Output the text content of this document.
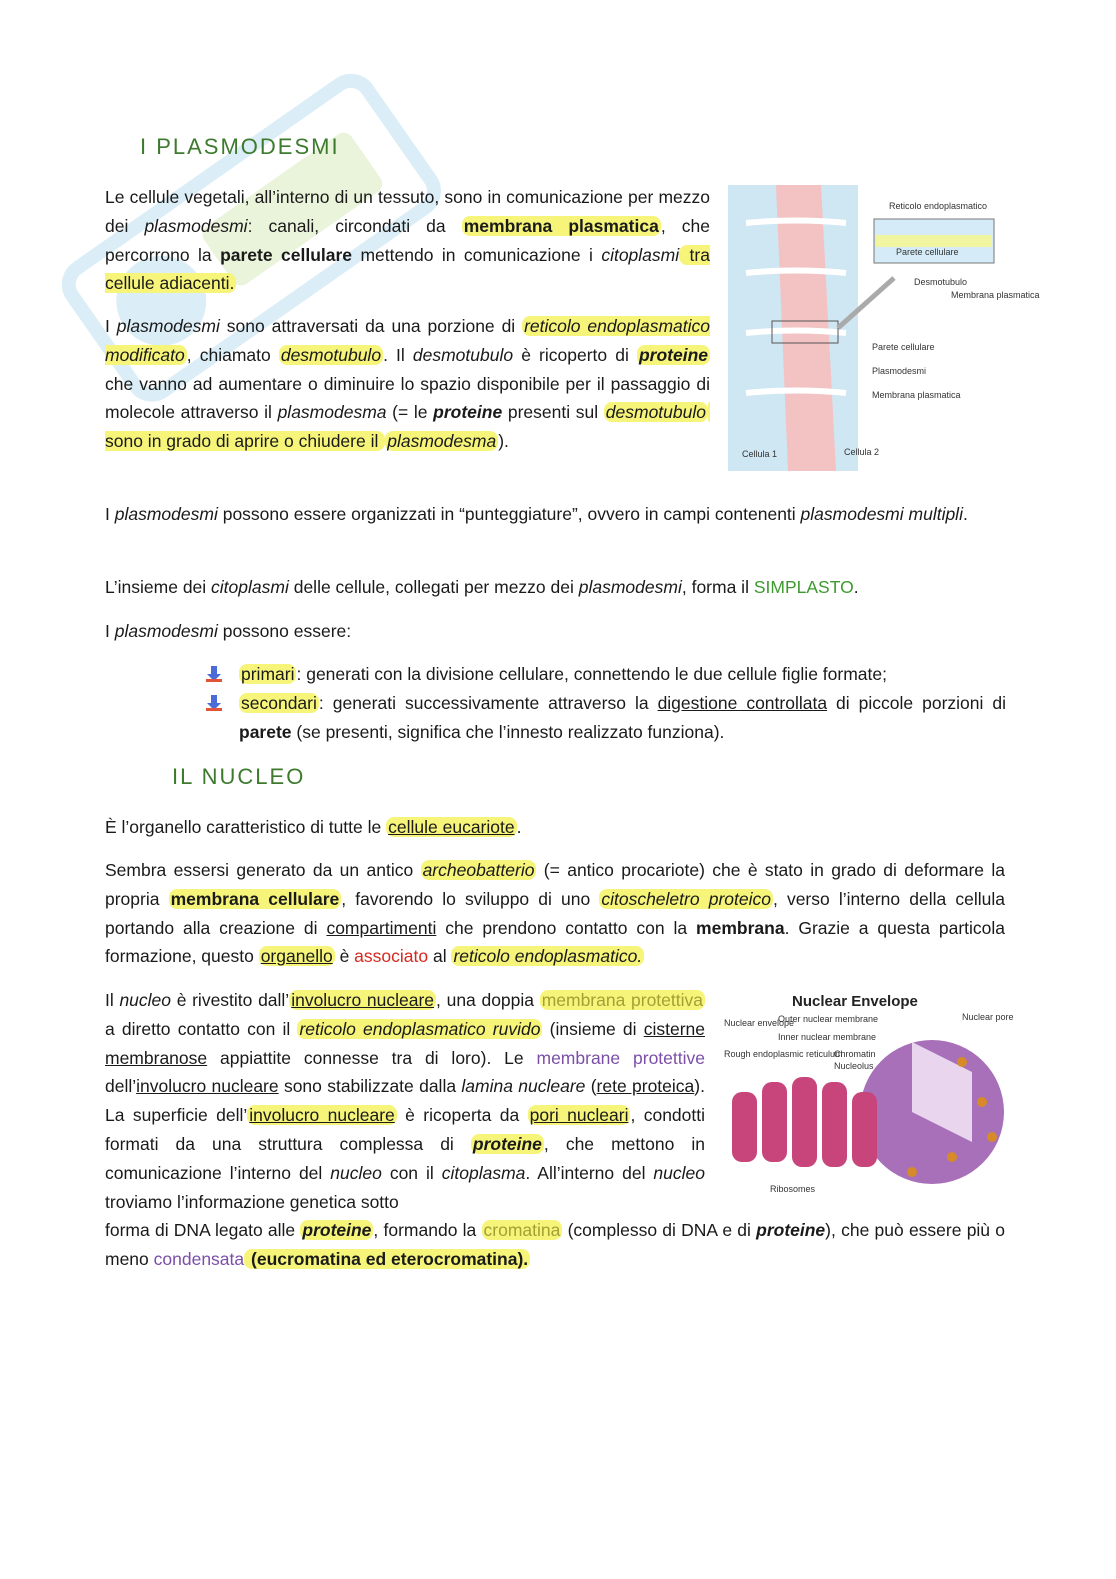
I PLASMODESMI

Le cellule vegetali, all’interno di un tessuto, sono in comunicazione per mezzo dei plasmodesmi: canali, circondati da membrana plasmatica , che percorrono la parete cellulare mettendo in comunicazione i citoplasmi tra cellule adiacenti.

I plasmodesmi sono attraversati da una porzione di reticolo endoplasmatico modificato , chiamato desmotubulo . Il desmotubulo è ricoperto di proteine che vanno ad aumentare o diminuire lo spazio disponibile per il passaggio di molecole attraverso il plasmodesma (= le proteine presenti sul desmotubulo sono in grado di aprire o chiudere il plasmodesma ).

Reticolo endoplasmatico
Parete cellulare
Desmotubulo
Membrana plasmatica
Parete cellulare
Plasmodesmi
Membrana plasmatica
Cellula 1	Cellula 2

I plasmodesmi possono essere organizzati in “punteggiature”, ovvero in campi contenenti plasmodesmi multipli.

L’insieme dei citoplasmi delle cellule, collegati per mezzo dei plasmodesmi, forma il SIMPLASTO.

I plasmodesmi possono essere:

primari : generati con la divisione cellulare, connettendo le due cellule figlie formate;
secondari : generati successivamente attraverso la digestione controllata di piccole porzioni di parete (se presenti, significa che l’innesto realizzato funziona).
IL NUCLEO

È l’organello caratteristico di tutte le cellule eucariote .

Sembra essersi generato da un antico archeobatterio (= antico procariote) che è stato in grado di deformare la propria membrana cellulare , favorendo lo sviluppo di uno citoscheletro proteico , verso l’interno della cellula portando alla creazione di compartimenti che prendono contatto con la membrana. Grazie a questa particola formazione, questo organello è associato al reticolo endoplasmatico.

Il nucleo è rivestito dall’ involucro nucleare , una doppia membrana protettiva a diretto contatto con il reticolo endoplasmatico ruvido (insieme di cisterne membranose appiattite connesse tra di loro). Le membrane protettive dell’involucro nucleare sono stabilizzate dalla lamina nucleare (rete proteica). La superficie dell’ involucro nucleare è ricoperta da pori nucleari , condotti formati da una struttura complessa di proteine , che mettono in comunicazione l’interno del nucleo con il citoplasma. All’interno del nucleo troviamo l’informazione genetica sotto

forma di DNA legato alle proteine , formando la cromatina (complesso di DNA e di proteine), che può essere più o meno condensata (eucromatina ed eterocromatina).

Nuclear Envelope
Nuclear envelope
Outer nuclear membrane
Inner nuclear membrane
Nuclear pore
Rough endoplasmic reticulum
Chromatin
Nucleolus
Ribosomes
